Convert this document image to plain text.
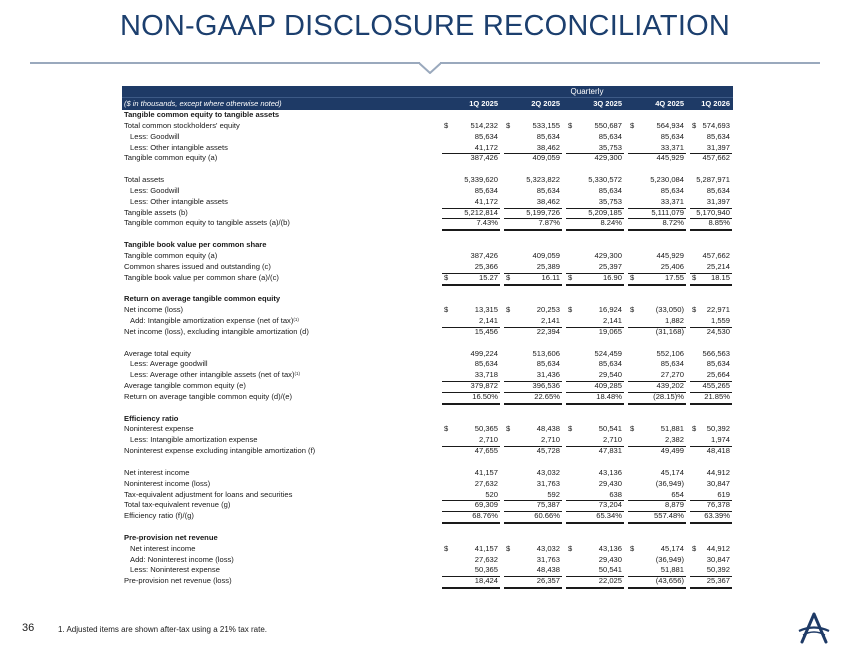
NON-GAAP DISCLOSURE RECONCILIATION
Quarterly
($ in thousands, except where otherwise noted)	1Q 2025	2Q 2025	3Q 2025	4Q 2025	1Q 2026
Tangible common equity to tangible assets
Total common stockholders' equity	$	514,232 $	533,155 $	550,687 $	564,934 $ 574,693
Less: Goodwill	85,634	85,634	85,634	85,634	85,634
Less: Other intangible assets	41,172	38,462	35,753	33,371	31,397
Tangible common equity (a)	387,426	409,059	429,300	445,929 457,662
Total assets	5,339,620	5,323,822	5,330,572	5,230,084 5,287,971
Less: Goodwill	85,634	85,634	85,634	85,634	85,634
Less: Other intangible assets	41,172	38,462	35,753	33,371	31,397
Tangible assets (b)	5,212,814	5,199,726	5,209,185	5,111,079 5,170,940
Tangible common equity to tangible assets (a)/(b)	7.43%	7.87%	8.24%	8.72%	8.85%
Tangible book value per common share
Tangible common equity (a)	387,426	409,059	429,300	445,929 457,662
Common shares issued and outstanding (c)	25,366	25,389	25,397	25,406	25,214
Tangible book value per common share (a)/(c)	$	15.27 $	16.11 $	16.90 $	17.55 $ 18.15
Return on average tangible common equity
Net income (loss)	$	13,315 $	20,253 $	16,924 $	(33,050) $ 22,971
Add: Intangible amortization expense (net of tax)$^{(1)}$	2,141	2,141	2,141	1,882	1,559
Net income (loss), excluding intangible amortization (d)	15,456	22,394	19,065	(31,168)	24,530
Average total equity	499,224	513,606	524,459	552,106 566,563
Less: Average goodwill	85,634	85,634	85,634	85,634	85,634
Less: Average other intangible assets (net of tax)$^{(1)}$	33,718	31,436	29,540	27,270	25,664
Average tangible common equity (e)	379,872	396,536	409,285	439,202 455,265
Return on average tangible common equity (d)/(e)	16.50%	22.65%	18.48%	(28.15)%	21.85%
Efficiency ratio
Noninterest expense	$	50,365 $	48,438 $	50,541 $	51,881 $ 50,392
Less: Intangible amortization expense	2,710	2,710	2,710	2,382	1,974
Noninterest expense excluding intangible amortization (f)	47,655	45,728	47,831	49,499	48,418
Net interest income	41,157	43,032	43,136	45,174	44,912
Noninterest income (loss)	27,632	31,763	29,430	(36,949)	30,847
Tax-equivalent adjustment for loans and securities	520	592	638	654	619
Total tax-equivalent revenue (g)	69,309	75,387	73,204	8,879	76,378
Efficiency ratio (f)/(g)	68.76%	60.66%	65.34%	557.48%	63.39%
Pre-provision net revenue
Net interest income	$	41,157 $	43,032 $	43,136 $	45,174 $ 44,912
Add: Noninterest income (loss)	27,632	31,763	29,430	(36,949)	30,847
Less: Noninterest expense	50,365	48,438	50,541	51,881	50,392
Pre-provision net revenue (loss)	18,424	26,357	22,025	(43,656)	25,367
36	1. Adjusted items are shown after-tax using a 21% tax rate.
